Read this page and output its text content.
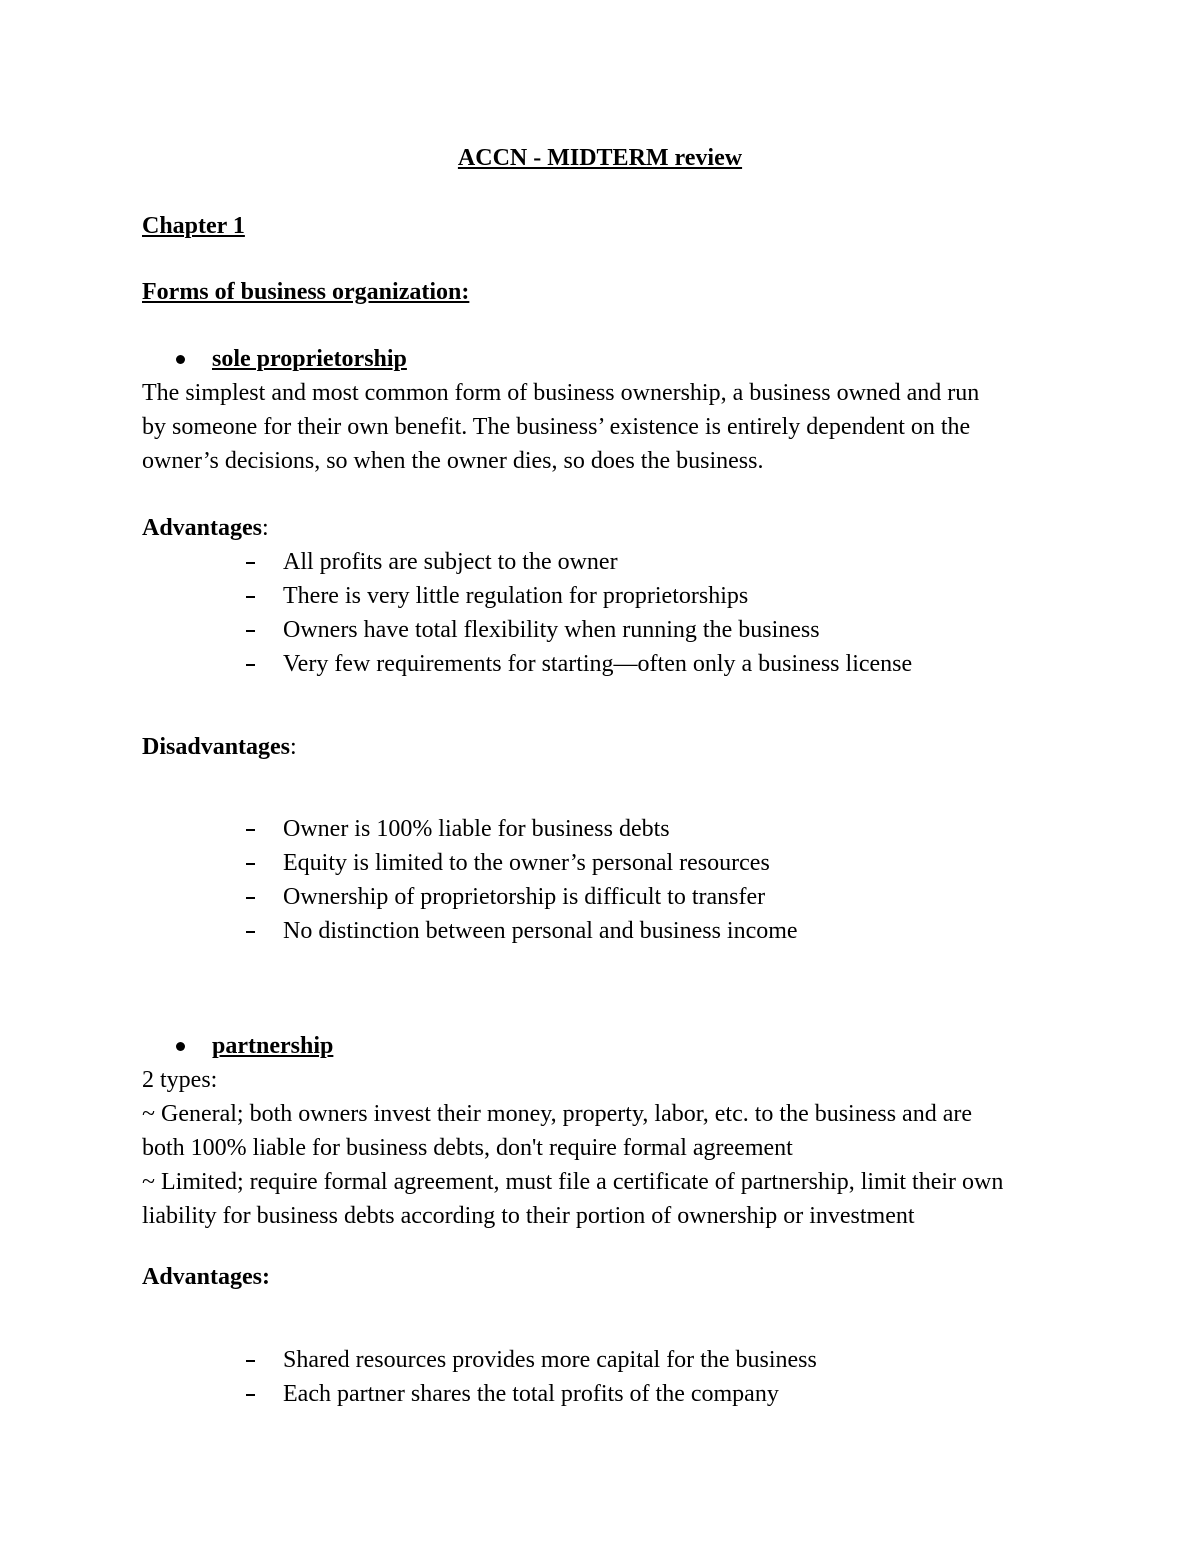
ACCN - MIDTERM review
Chapter 1
Forms of business organization:
sole proprietorship
The simplest and most common form of business ownership, a business owned and run
by someone for their own benefit. The business’ existence is entirely dependent on the
owner’s decisions, so when the owner dies, so does the business.
Advantages:
All profits are subject to the owner
There is very little regulation for proprietorships
Owners have total flexibility when running the business
Very few requirements for starting—often only a business license
Disadvantages:
Owner is 100% liable for business debts
Equity is limited to the owner’s personal resources
Ownership of proprietorship is difficult to transfer
No distinction between personal and business income
partnership
2 types:
~ General; both owners invest their money, property, labor, etc. to the business and are
both 100% liable for business debts, don't require formal agreement
~ Limited; require formal agreement, must file a certificate of partnership, limit their own
liability for business debts according to their portion of ownership or investment
Advantages:
Shared resources provides more capital for the business
Each partner shares the total profits of the company
